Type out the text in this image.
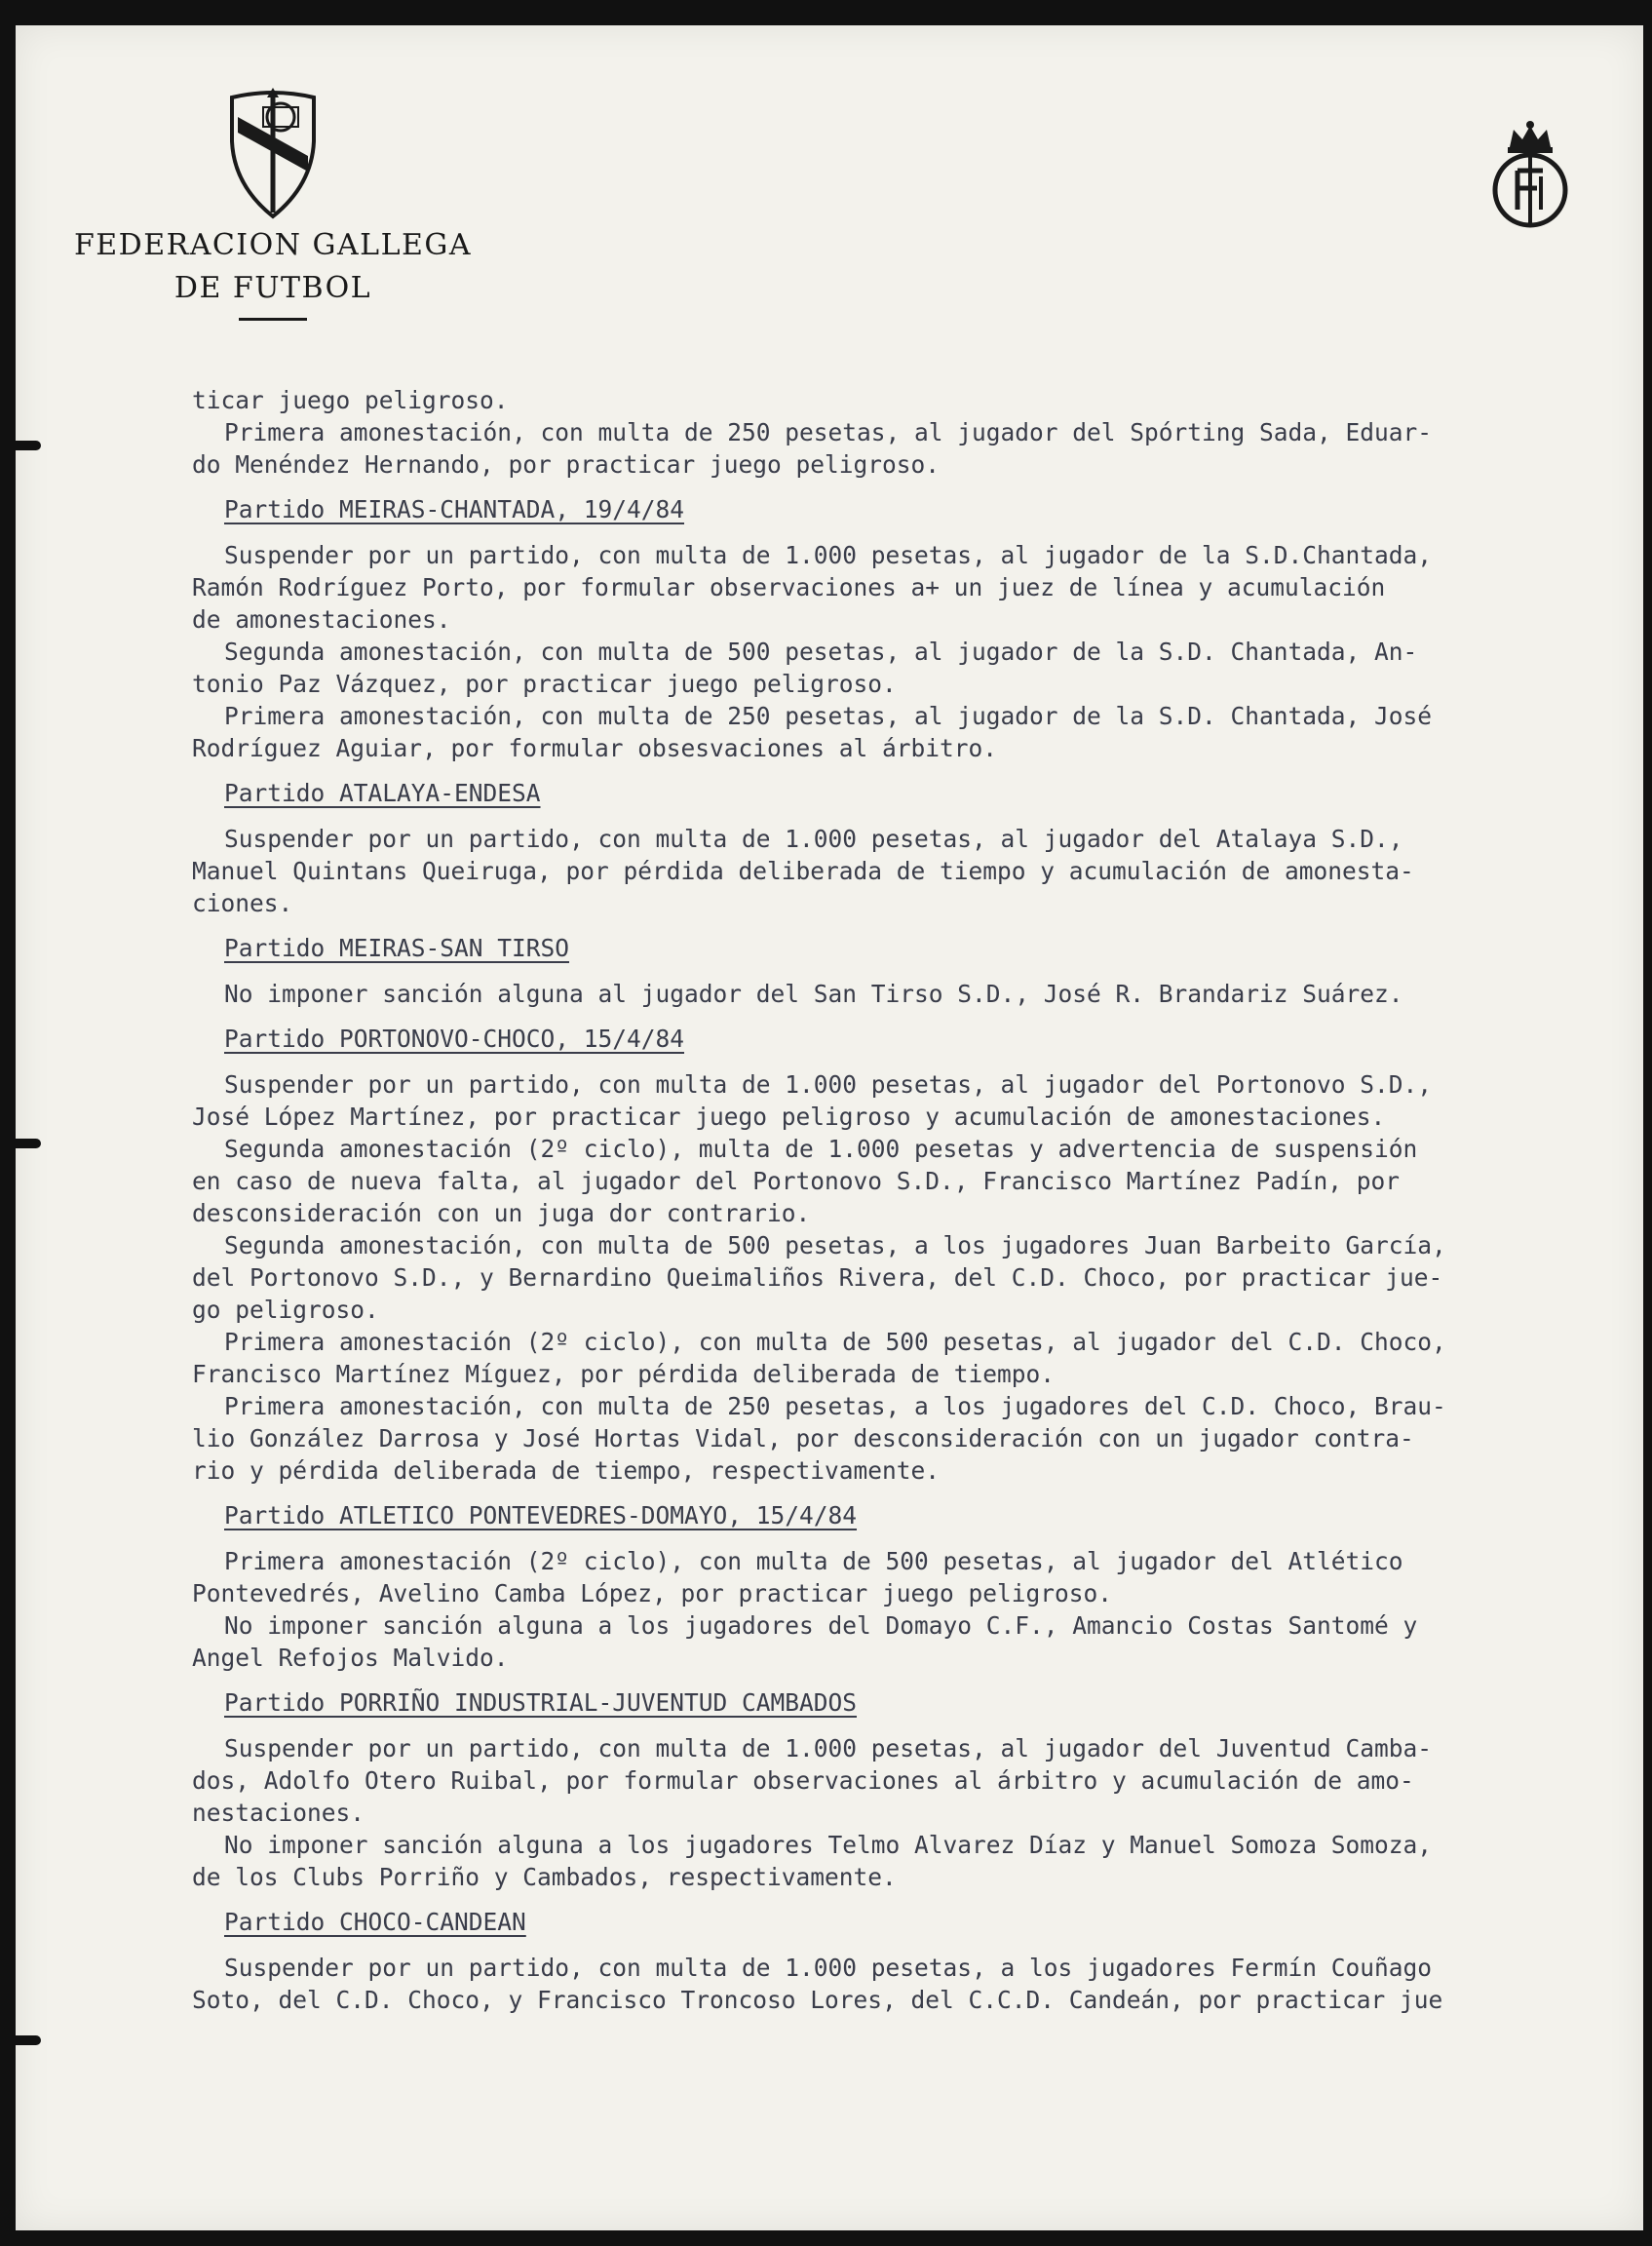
FEDERACION GALLEGA
DE FUTBOL

ticar juego peligroso.

Primera amonestación, con multa de 250 pesetas, al jugador del Spórting Sada, Eduar-
do Menéndez Hernando, por practicar juego peligroso.

Partido MEIRAS-CHANTADA, 19/4/84

Suspender por un partido, con multa de 1.000 pesetas, al jugador de la S.D.Chantada,
Ramón Rodríguez Porto, por formular observaciones a+ un juez de línea y acumulación
de amonestaciones.

Segunda amonestación, con multa de 500 pesetas, al jugador de la S.D. Chantada, An-
tonio Paz Vázquez, por practicar juego peligroso.

Primera amonestación, con multa de 250 pesetas, al jugador de la S.D. Chantada, José
Rodríguez Aguiar, por formular obsesvaciones al árbitro.

Partido ATALAYA-ENDESA

Suspender por un partido, con multa de 1.000 pesetas, al jugador del Atalaya S.D.,
Manuel Quintans Queiruga, por pérdida deliberada de tiempo y acumulación de amonesta-
ciones.

Partido MEIRAS-SAN TIRSO

No imponer sanción alguna al jugador del San Tirso S.D., José R. Brandariz Suárez.

Partido PORTONOVO-CHOCO, 15/4/84

Suspender por un partido, con multa de 1.000 pesetas, al jugador del Portonovo S.D.,
José López Martínez, por practicar juego peligroso y acumulación de amonestaciones.

Segunda amonestación (2º ciclo), multa de 1.000 pesetas y advertencia de suspensión
en caso de nueva falta, al jugador del Portonovo S.D., Francisco Martínez Padín, por
desconsideración con un juga dor contrario.

Segunda amonestación, con multa de 500 pesetas, a los jugadores Juan Barbeito García,
del Portonovo S.D., y Bernardino Queimaliños Rivera, del C.D. Choco, por practicar jue-
go peligroso.

Primera amonestación (2º ciclo), con multa de 500 pesetas, al jugador del C.D. Choco,
Francisco Martínez Míguez, por pérdida deliberada de tiempo.

Primera amonestación, con multa de 250 pesetas, a los jugadores del C.D. Choco, Brau-
lio González Darrosa y José Hortas Vidal, por desconsideración con un jugador contra-
rio y pérdida deliberada de tiempo, respectivamente.

Partido ATLETICO PONTEVEDRES-DOMAYO, 15/4/84

Primera amonestación (2º ciclo), con multa de 500 pesetas, al jugador del Atlético
Pontevedrés, Avelino Camba López, por practicar juego peligroso.

No imponer sanción alguna a los jugadores del Domayo C.F., Amancio Costas Santomé y
Angel Refojos Malvido.

Partido PORRIÑO INDUSTRIAL-JUVENTUD CAMBADOS

Suspender por un partido, con multa de 1.000 pesetas, al jugador del Juventud Camba-
dos, Adolfo Otero Ruibal, por formular observaciones al árbitro y acumulación de amo-
nestaciones.

No imponer sanción alguna a los jugadores Telmo Alvarez Díaz y Manuel Somoza Somoza,
de los Clubs Porriño y Cambados, respectivamente.

Partido CHOCO-CANDEAN

Suspender por un partido, con multa de 1.000 pesetas, a los jugadores Fermín Couñago
Soto, del C.D. Choco, y Francisco Troncoso Lores, del C.C.D. Candeán, por practicar jue
